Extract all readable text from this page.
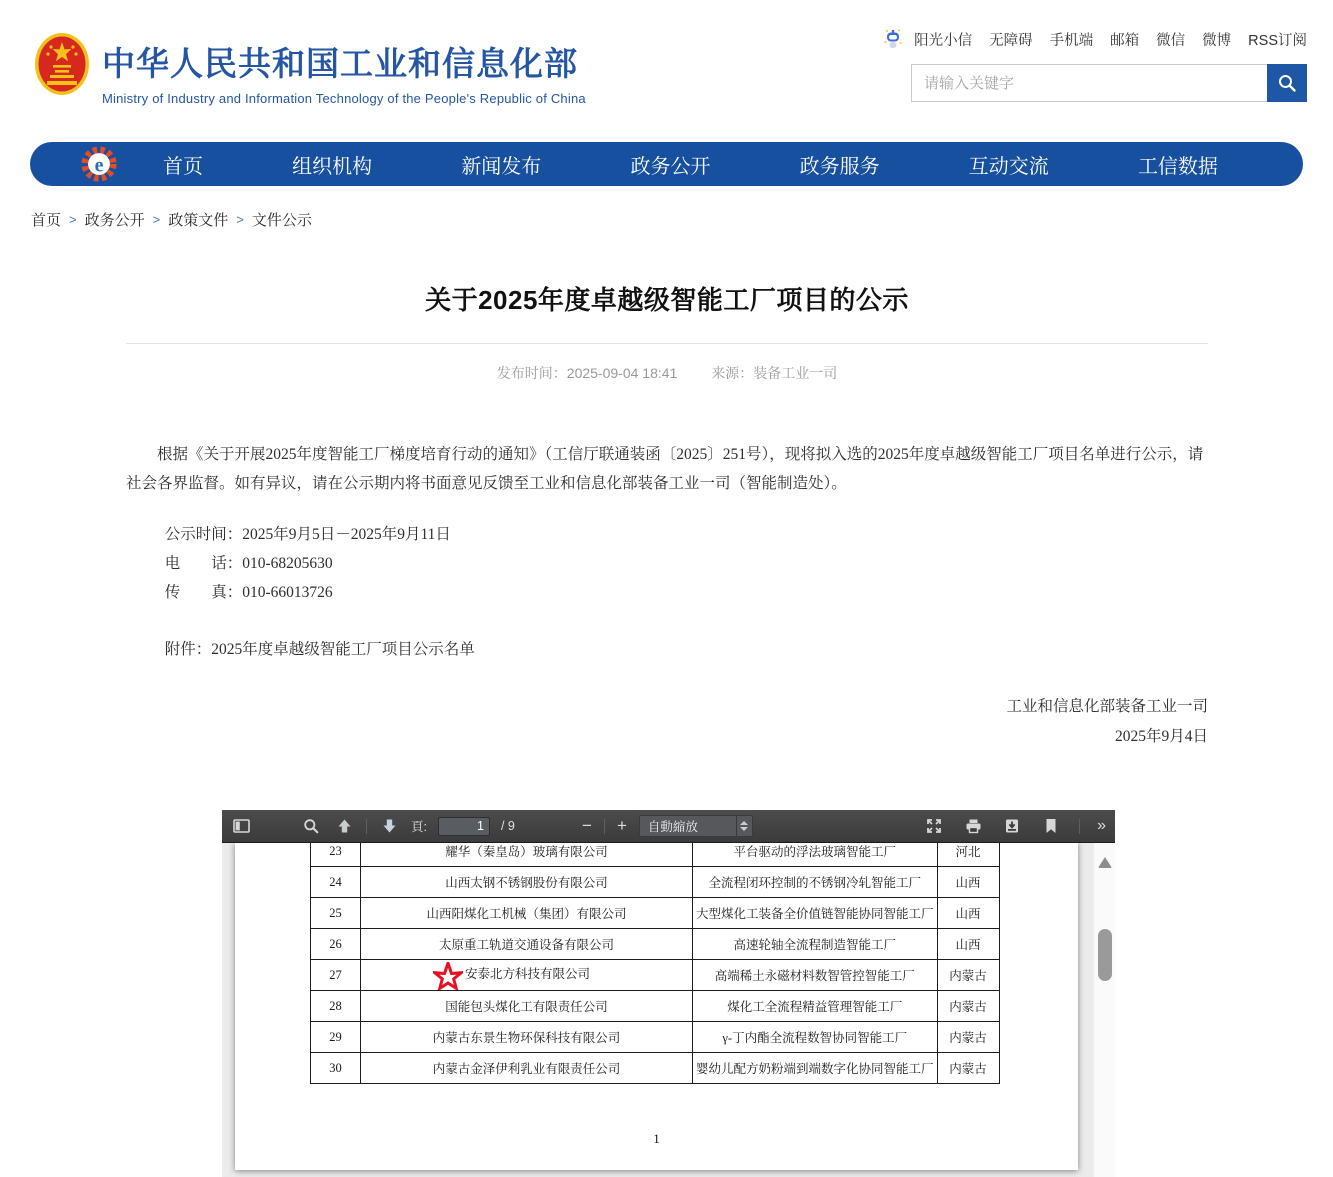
中华人民共和国工业和信息化部
Ministry of Industry and Information Technology of the People's Republic of China
阳光小信 无障碍 手机端 邮箱 微信 微博 RSS订阅
请输入关键字
e	首页	组织机构	新闻发布	政务公开	政务服务	互动交流	工信数据
首页 > 政务公开 > 政策文件 > 文件公示
关于2025年度卓越级智能工厂项目的公示
发布时间：2025-09-04 18:41 来源：装备工业一司

根据《关于开展2025年度智能工厂梯度培育行动的通知》（工信厅联通装函〔2025〕251号），现将拟入选的2025年度卓越级智能工厂项目名单进行公示，请社会各界监督。如有异议，请在公示期内将书面意见反馈至工业和信息化部装备工业一司（智能制造处）。

公示时间：2025年9月5日－2025年9月11日
电　　话：010-68205630
传　　真：010-66013726
附件：2025年度卓越级智能工厂项目公示名单
工业和信息化部装备工业一司
2025年9月4日
頁:
1	/ 9	− +	自動縮放	»
23	耀华（秦皇岛）玻璃有限公司	平台驱动的浮法玻璃智能工厂	河北
24	山西太钢不锈钢股份有限公司	全流程闭环控制的不锈钢冷轧智能工厂	山西
25	山西阳煤化工机械（集团）有限公司	大型煤化工装备全价值链智能协同智能工厂	山西
26	太原重工轨道交通设备有限公司	高速轮轴全流程制造智能工厂	山西
27	安泰北方科技有限公司	高端稀土永磁材料数智管控智能工厂	内蒙古
28	国能包头煤化工有限责任公司	煤化工全流程精益管理智能工厂	内蒙古
29	内蒙古东景生物环保科技有限公司	γ-丁内酯全流程数智协同智能工厂	内蒙古
30	内蒙古金泽伊利乳业有限责任公司	婴幼儿配方奶粉端到端数字化协同智能工厂	内蒙古
1
